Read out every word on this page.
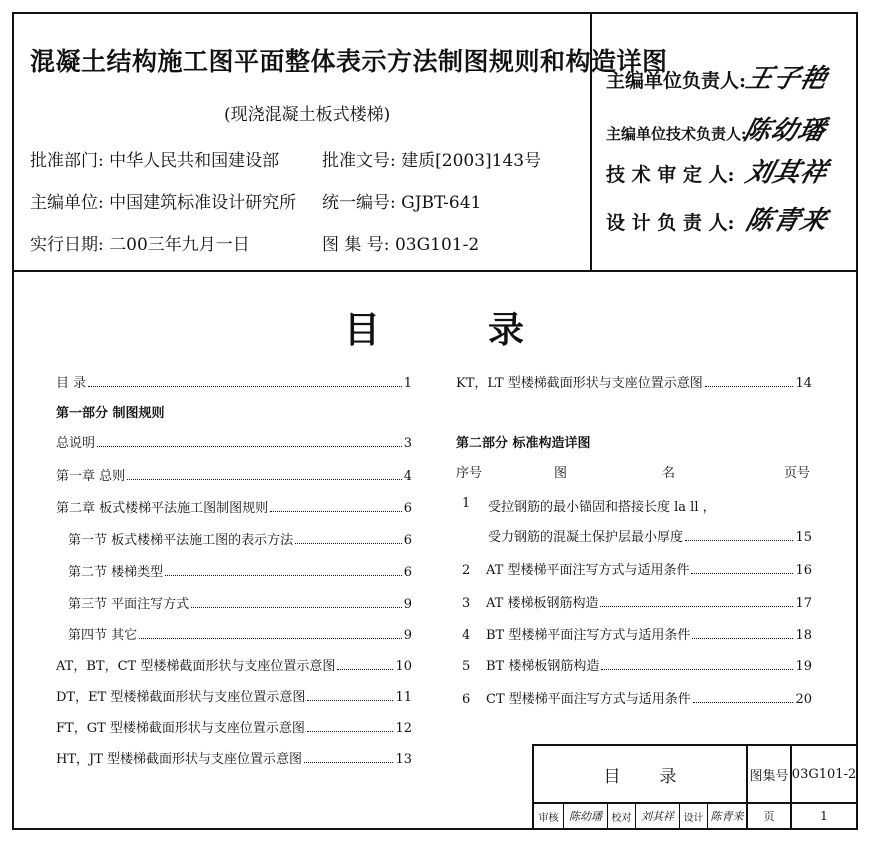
混凝土结构施工图平面整体表示方法制图规则和构造详图
(现浇混凝土板式楼梯)
批准部门: 中华人民共和国建设部	批准文号: 建质[2003]143号
主编单位: 中国建筑标准设计研究所 统一编号: GJBT-641
实行日期: 二00三年九月一日	图 集 号: 03G101-2
主编单位负责人: 王子艳
主编单位技术负责人: 陈幼璠
技 术 审 定 人: 刘其祥
设 计 负 责 人: 陈青来
目	录
目 录	1
第一部分 制图规则
总说明	3
第一章 总则	4
第二章 板式楼梯平法施工图制图规则	6
第一节 板式楼梯平法施工图的表示方法	6
第二节 楼梯类型	6
第三节 平面注写方式	9
第四节 其它	9
AT，BT，CT 型楼梯截面形状与支座位置示意图	10
DT，ET 型楼梯截面形状与支座位置示意图	11
FT，GT 型楼梯截面形状与支座位置示意图	12
HT，JT 型楼梯截面形状与支座位置示意图	13
KT，LT 型楼梯截面形状与支座位置示意图	14
第二部分 标准构造详图
序号	图	名	页号
1 受拉钢筋的最小锚固和搭接长度 la ll ，
受力钢筋的混凝土保护层最小厚度	15
2	AT 型楼梯平面注写方式与适用条件	16
3	AT 楼梯板钢筋构造	17
4	BT 型楼梯平面注写方式与适用条件	18
5	BT 楼梯板钢筋构造	19
6	CT 型楼梯平面注写方式与适用条件	20
目 录	图集号 03G101-2
审核 陈幼璠 校对 刘其祥 设计 陈青来	页	1
